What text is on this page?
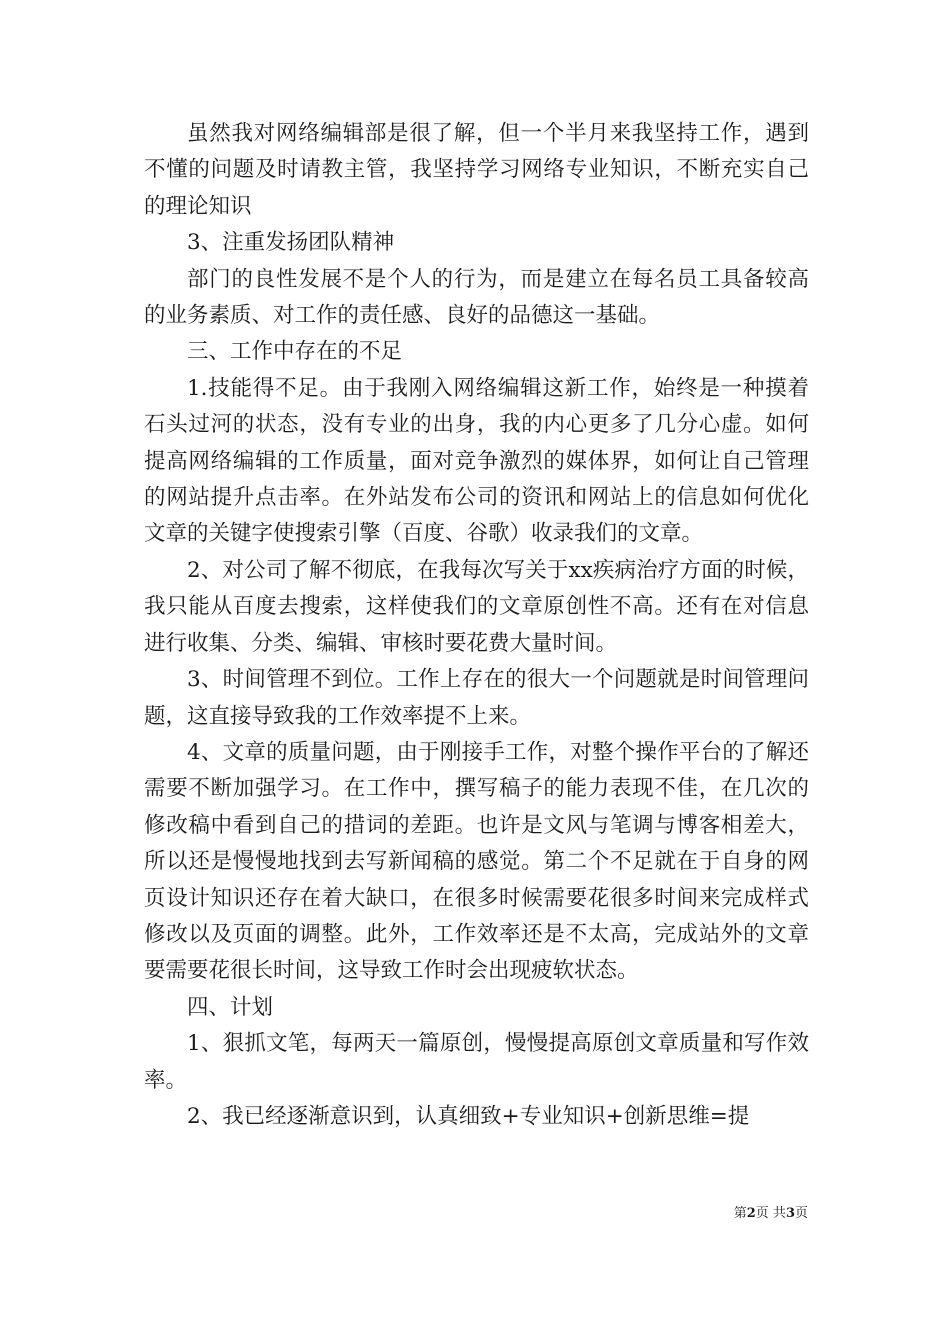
虽然我对网络编辑部是很了解，但一个半月来我坚持工作，遇到不懂的问题及时请教主管，我坚持学习网络专业知识，不断充实自己的理论知识

3、注重发扬团队精神

部门的良性发展不是个人的行为，而是建立在每名员工具备较高的业务素质、对工作的责任感、良好的品德这一基础。

三、工作中存在的不足

1.技能得不足。由于我刚入网络编辑这新工作，始终是一种摸着石头过河的状态，没有专业的出身，我的内心更多了几分心虚。如何提高网络编辑的工作质量，面对竞争激烈的媒体界，如何让自己管理的网站提升点击率。在外站发布公司的资讯和网站上的信息如何优化文章的关键字使搜索引擎（百度、谷歌）收录我们的文章。

2、对公司了解不彻底，在我每次写关于xx疾病治疗方面的时候，我只能从百度去搜索，这样使我们的文章原创性不高。还有在对信息进行收集、分类、编辑、审核时要花费大量时间。

3、时间管理不到位。工作上存在的很大一个问题就是时间管理问题，这直接导致我的工作效率提不上来。

4、文章的质量问题，由于刚接手工作，对整个操作平台的了解还需要不断加强学习。在工作中，撰写稿子的能力表现不佳，在几次的修改稿中看到自己的措词的差距。也许是文风与笔调与博客相差大，所以还是慢慢地找到去写新闻稿的感觉。第二个不足就在于自身的网页设计知识还存在着大缺口，在很多时候需要花很多时间来完成样式修改以及页面的调整。此外，工作效率还是不太高，完成站外的文章要需要花很长时间，这导致工作时会出现疲软状态。

四、计划

1、狠抓文笔，每两天一篇原创，慢慢提高原创文章质量和写作效率。

2、我已经逐渐意识到，认真细致+专业知识+创新思维=提

第2页 共3页
